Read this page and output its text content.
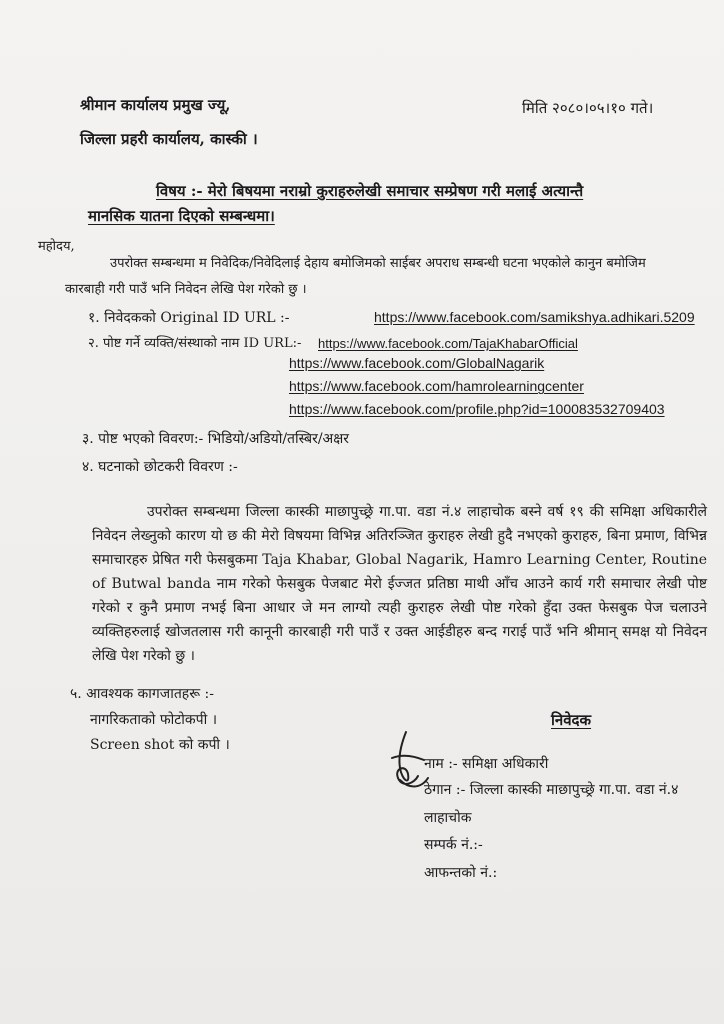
श्रीमान कार्यालय प्रमुख ज्यू,
जिल्ला प्रहरी कार्यालय, कास्की ।
मिति २०८०।०५।१० गते।
विषय :- मेरो बिषयमा नराम्रो कुराहरुलेखी समाचार सम्प्रेषण गरी मलाई अत्यान्तै
मानसिक यातना दिएको सम्बन्धमा।
महोदय,
उपरोक्त सम्बन्धमा म निवेदिक/निवेदिलाई देहाय बमोजिमको साईबर अपराध सम्बन्धी घटना भएकोले कानुन बमोजिम
कारबाही गरी पाउँ भनि निवेदन लेखि पेश गरेको छु ।
१. निवेदकको Original ID URL :-	https://www.facebook.com/samikshya.adhikari.5209
२. पोष्ट गर्ने व्यक्ति/संस्थाको नाम ID URL:- https://www.facebook.com/TajaKhabarOfficial
https://www.facebook.com/GlobalNagarik
https://www.facebook.com/hamrolearningcenter
https://www.facebook.com/profile.php?id=100083532709403
३. पोष्ट भएको विवरण:- भिडियो/अडियो/तस्बिर/अक्षर
४. घटनाको छोटकरी विवरण :-
उपरोक्त सम्बन्धमा जिल्ला कास्की माछापुच्छ्रे गा.पा. वडा नं.४ लाहाचोक बस्ने वर्ष १९ की समिक्षा अधिकारीले निवेदन लेख्नुको कारण यो छ की मेरो विषयमा विभिन्न अतिरञ्जित कुराहरु लेखी हुदै नभएको कुराहरु, बिना प्रमाण, विभिन्न समाचारहरु प्रेषित गरी फेसबुकमा Taja Khabar, Global Nagarik, Hamro Learning Center, Routine of Butwal banda नाम गरेको फेसबुक पेजबाट मेरो ईज्जत प्रतिष्ठा माथी आँच आउने कार्य गरी समाचार लेखी पोष्ट गरेको र कुनै प्रमाण नभई बिना आधार जे मन लाग्यो त्यही कुराहरु लेखी पोष्ट गरेको हुँदा उक्त फेसबुक पेज चलाउने व्यक्तिहरुलाई खोजतलास गरी कानूनी कारबाही गरी पाउँ र उक्त आईडीहरु बन्द गराई पाउँ भनि श्रीमान् समक्ष यो निवेदन लेखि पेश गरेको छु ।
५. आवश्यक कागजातहरू :-
नागरिकताको फोटोकपी ।
Screen shot को कपी ।
निवेदक
नाम :- समिक्षा अधिकारी
ठेगान :- जिल्ला कास्की माछापुच्छ्रे गा.पा. वडा नं.४
लाहाचोक
सम्पर्क नं.:-
आफन्तको नं.:
